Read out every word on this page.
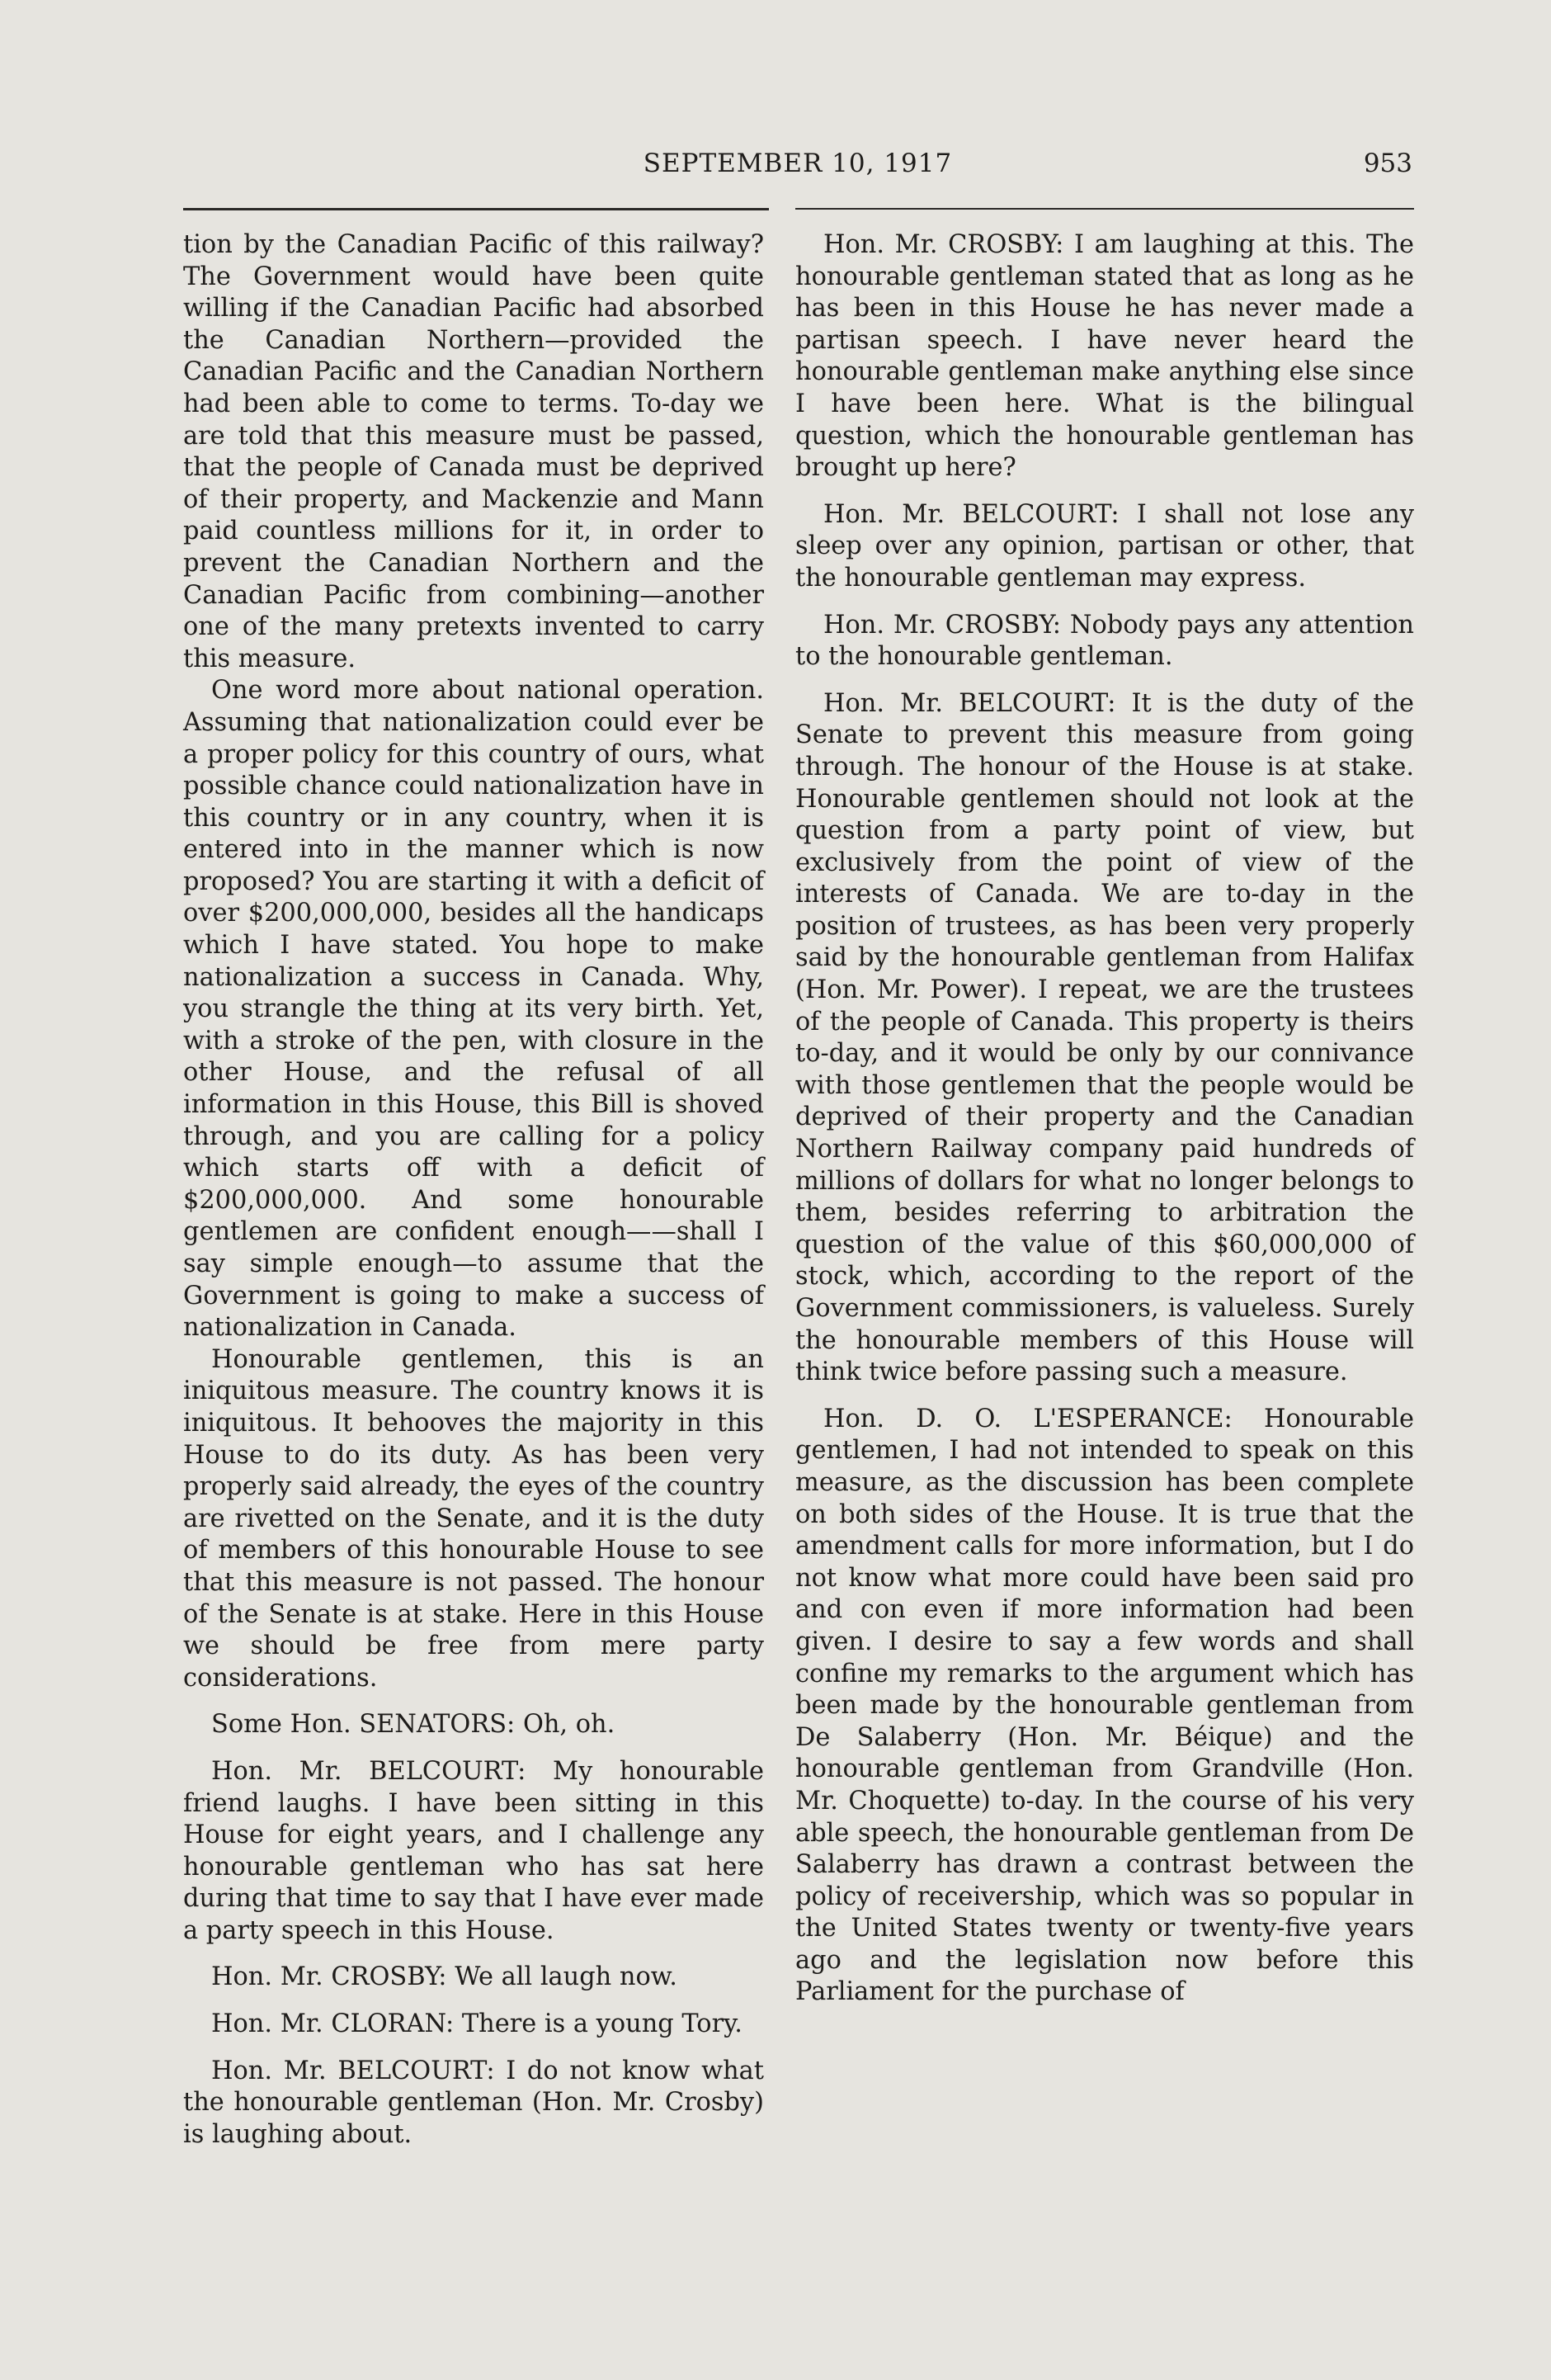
SEPTEMBER 10, 1917	953

tion by the Canadian Pacific of this railway? The Government would have been quite willing if the Canadian Pacific had absorbed the Canadian Northern—provided the Canadian Pacific and the Canadian Northern had been able to come to terms. To-day we are told that this measure must be passed, that the people of Canada must be deprived of their property, and Mackenzie and Mann paid countless millions for it, in order to prevent the Canadian Northern and the Canadian Pacific from combining—another one of the many pretexts invented to carry this measure.

One word more about national operation. Assuming that nationalization could ever be a proper policy for this country of ours, what possible chance could nationalization have in this country or in any country, when it is entered into in the manner which is now proposed? You are starting it with a deficit of over $200,000,000, besides all the handicaps which I have stated. You hope to make nationalization a success in Canada. Why, you strangle the thing at its very birth. Yet, with a stroke of the pen, with closure in the other House, and the refusal of all information in this House, this Bill is shoved through, and you are calling for a policy which starts off with a deficit of $200,000,000. And some honourable gentlemen are confident enough——shall I say simple enough—to assume that the Government is going to make a success of nationalization in Canada.

Honourable gentlemen, this is an iniquitous measure. The country knows it is iniquitous. It behooves the majority in this House to do its duty. As has been very properly said already, the eyes of the country are rivetted on the Senate, and it is the duty of members of this honourable House to see that this measure is not passed. The honour of the Senate is at stake. Here in this House we should be free from mere party considerations.

Some Hon. SENATORS: Oh, oh.

Hon. Mr. BELCOURT: My honourable friend laughs. I have been sitting in this House for eight years, and I challenge any honourable gentleman who has sat here during that time to say that I have ever made a party speech in this House.

Hon. Mr. CROSBY: We all laugh now.

Hon. Mr. CLORAN: There is a young Tory.

Hon. Mr. BELCOURT: I do not know what the honourable gentleman (Hon. Mr. Crosby) is laughing about.

Hon. Mr. CROSBY: I am laughing at this. The honourable gentleman stated that as long as he has been in this House he has never made a partisan speech. I have never heard the honourable gentleman make anything else since I have been here. What is the bilingual question, which the honourable gentleman has brought up here?

Hon. Mr. BELCOURT: I shall not lose any sleep over any opinion, partisan or other, that the honourable gentleman may express.

Hon. Mr. CROSBY: Nobody pays any attention to the honourable gentleman.

Hon. Mr. BELCOURT: It is the duty of the Senate to prevent this measure from going through. The honour of the House is at stake. Honourable gentlemen should not look at the question from a party point of view, but exclusively from the point of view of the interests of Canada. We are to-day in the position of trustees, as has been very properly said by the honourable gentleman from Halifax (Hon. Mr. Power). I repeat, we are the trustees of the people of Canada. This property is theirs to-day, and it would be only by our connivance with those gentlemen that the people would be deprived of their property and the Canadian Northern Railway company paid hundreds of millions of dollars for what no longer belongs to them, besides referring to arbitration the question of the value of this $60,000,000 of stock, which, according to the report of the Government commissioners, is valueless. Surely the honourable members of this House will think twice before passing such a measure.

Hon. D. O. L'ESPERANCE: Honourable gentlemen, I had not intended to speak on this measure, as the discussion has been complete on both sides of the House. It is true that the amendment calls for more information, but I do not know what more could have been said pro and con even if more information had been given. I desire to say a few words and shall confine my remarks to the argument which has been made by the honourable gentleman from De Salaberry (Hon. Mr. Béique) and the honourable gentleman from Grandville (Hon. Mr. Choquette) to-day. In the course of his very able speech, the honourable gentleman from De Salaberry has drawn a contrast between the policy of receivership, which was so popular in the United States twenty or twenty-five years ago and the legislation now before this Parliament for the purchase of
